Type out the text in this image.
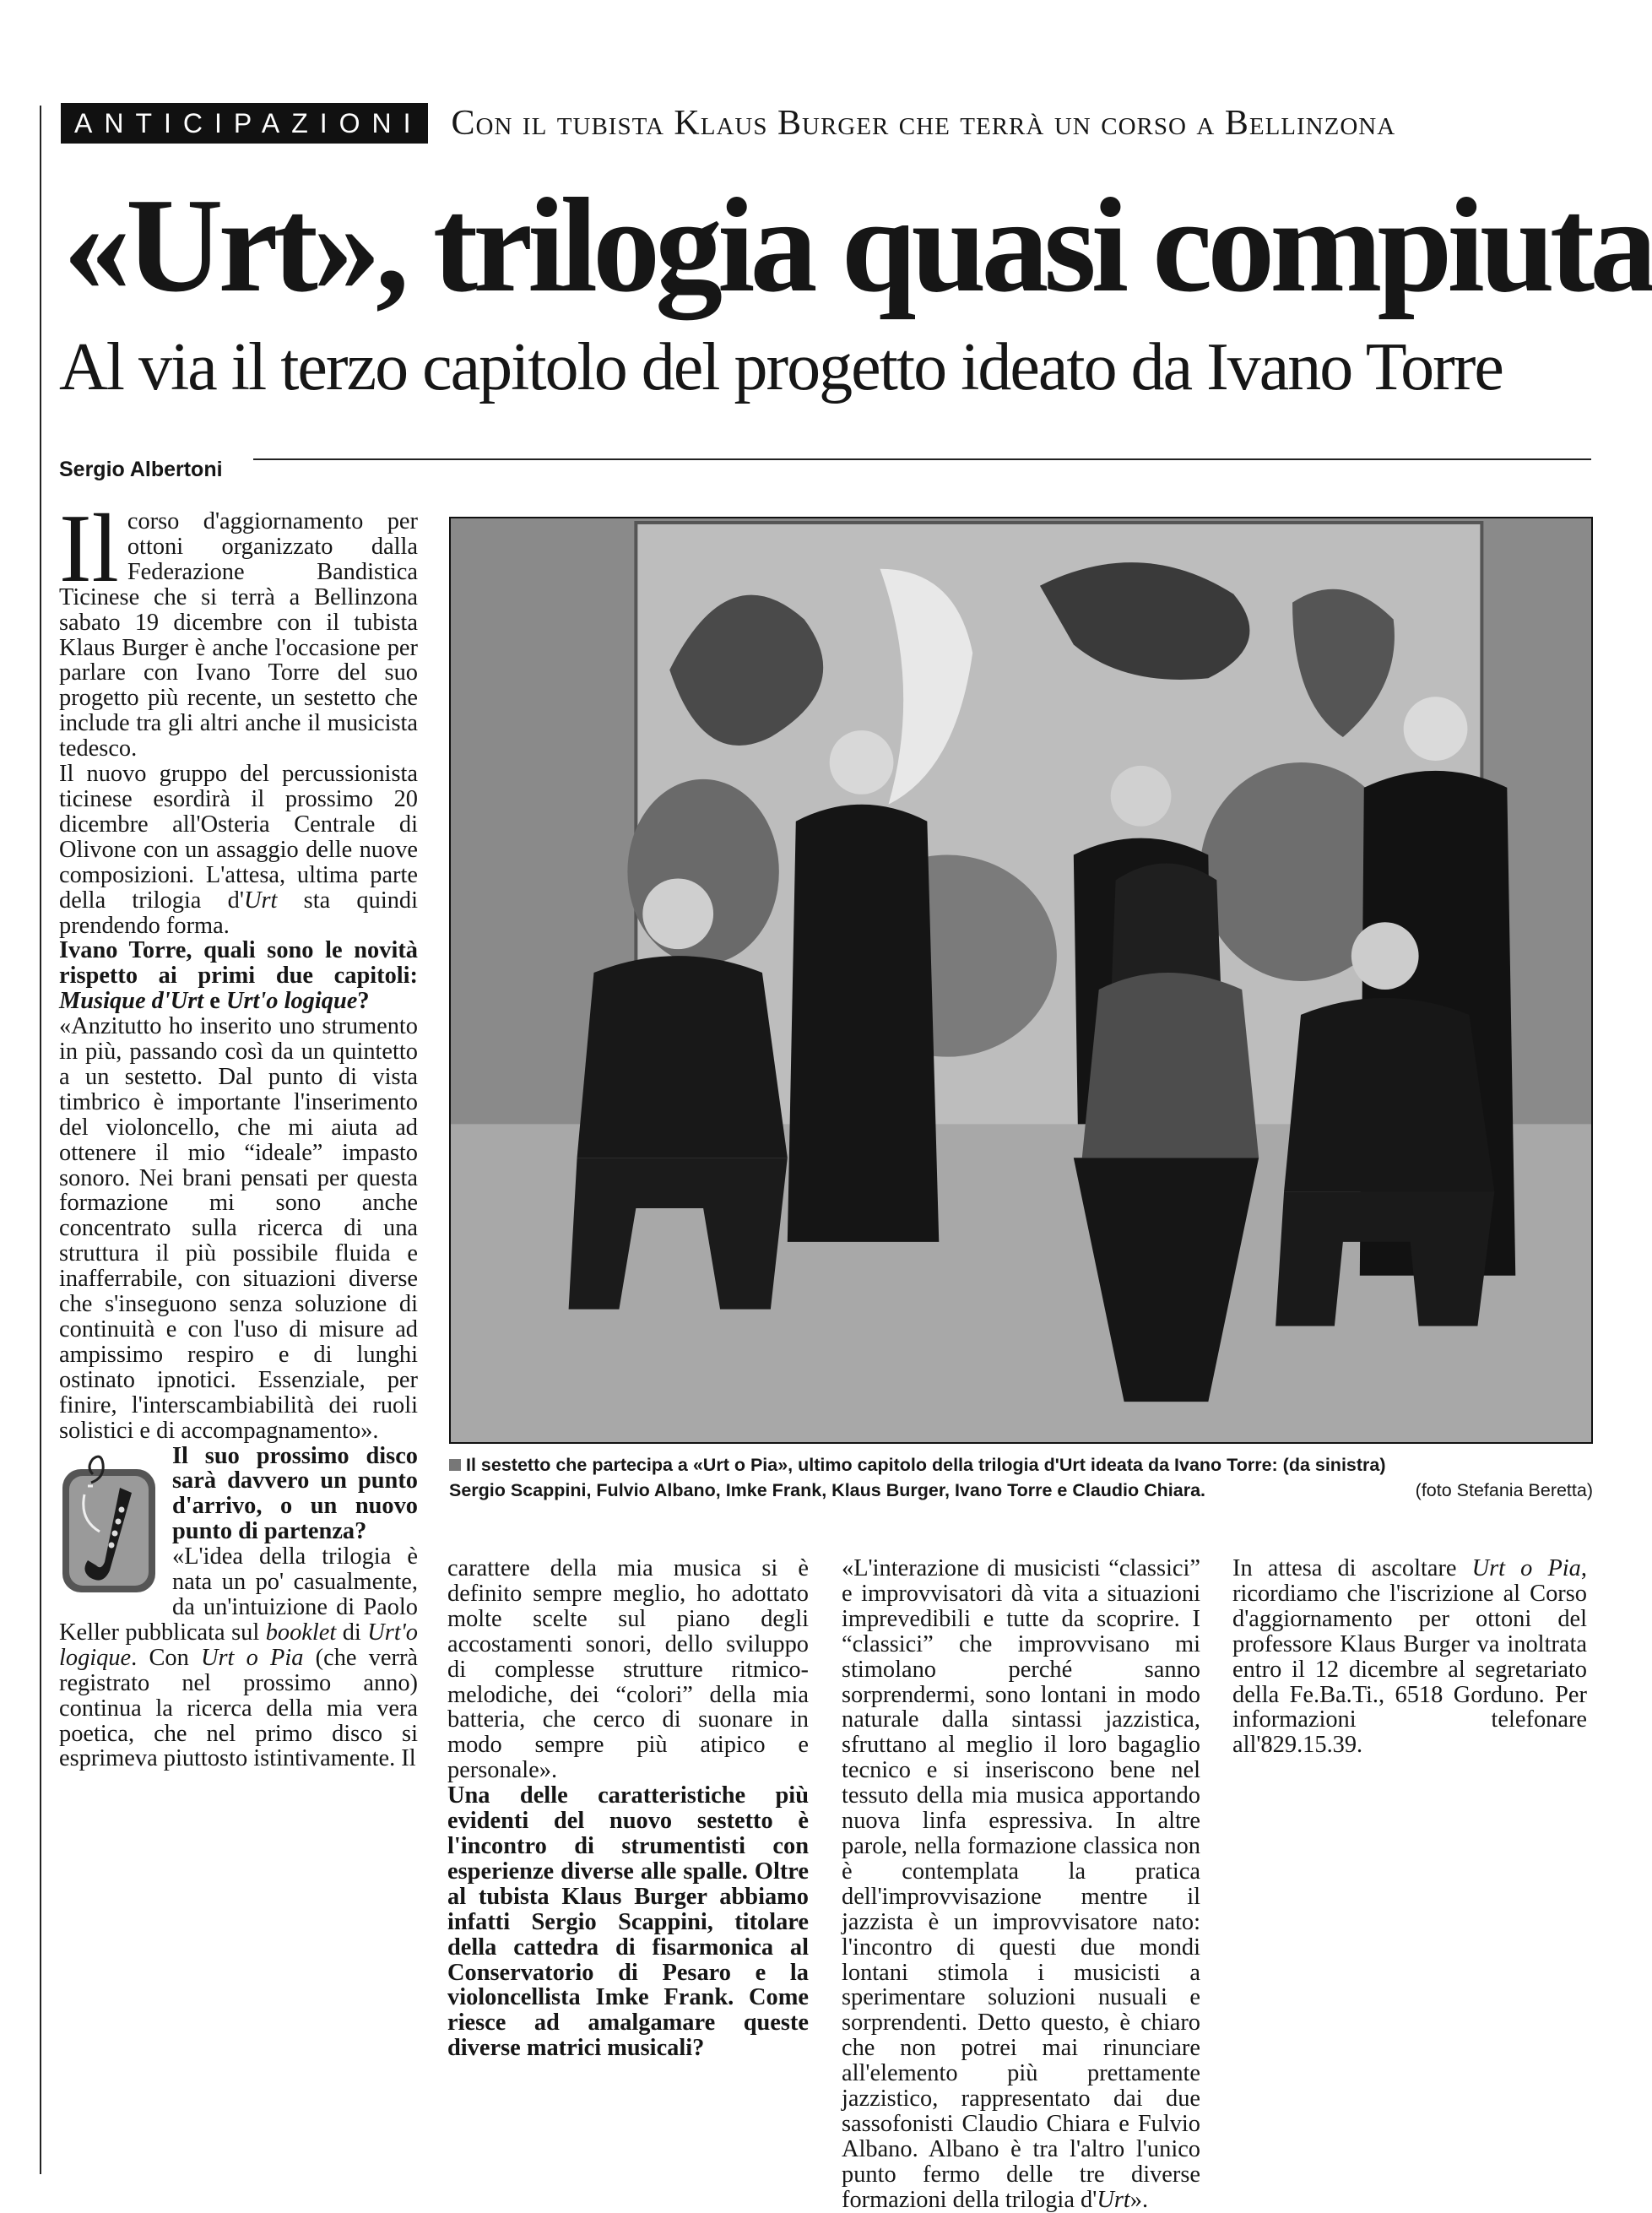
ANTICIPAZIONI Con il tubista Klaus Burger che terrà un corso a Bellinzona
«Urt», trilogia quasi compiuta
Al via il terzo capitolo del progetto ideato da Ivano Torre
Sergio Albertoni

Il corso d'aggiornamento per ottoni organizzato dalla Federazione Bandistica Ticinese che si terrà a Bellinzona sabato 19 dicembre con il tubista Klaus Burger è anche l'occasione per parlare con Ivano Torre del suo progetto più recente, un sestetto che include tra gli altri anche il musicista tedesco.

Il nuovo gruppo del percussionista ticinese esordirà il prossimo 20 dicembre all'Osteria Centrale di Olivone con un assaggio delle nuove composizioni. L'attesa, ultima parte della trilogia d'Urt sta quindi prendendo forma.

Ivano Torre, quali sono le novità rispetto ai primi due capitoli: Musique d'Urt e Urt'o logique?

«Anzitutto ho inserito uno strumento in più, passando così da un quintetto a un sestetto. Dal punto di vista timbrico è importante l'inserimento del violoncello, che mi aiuta ad ottenere il mio “ideale” impasto sonoro. Nei brani pensati per questa formazione mi sono anche concentrato sulla ricerca di una struttura il più possibile fluida e inafferrabile, con situazioni diverse che s'inseguono senza soluzione di continuità e con l'uso di misure ad ampissimo respiro e di lunghi ostinato ipnotici. Essenziale, per finire, l'interscambiabilità dei ruoli solistici e di accompagnamento».

Il suo prossimo disco sarà davvero un punto d'arrivo, o un nuovo punto di partenza?

«L'idea della trilogia è nata un po' casualmente, da un'intuizione di Paolo Keller pubblicata sul booklet di Urt'o logique. Con Urt o Pia (che verrà registrato nel prossimo anno) continua la ricerca della mia vera poetica, che nel primo disco si esprimeva piuttosto istintivamente. Il

Il sestetto che partecipa a «Urt o Pia», ultimo capitolo della trilogia d'Urt ideata da Ivano Torre: (da sinistra)
Sergio Scappini, Fulvio Albano, Imke Frank, Klaus Burger, Ivano Torre e Claudio Chiara.	(foto Stefania Beretta)

carattere della mia musica si è definito sempre meglio, ho adottato molte scelte sul piano degli accostamenti sonori, dello sviluppo di complesse strutture ritmico-melodiche, dei “colori” della mia batteria, che cerco di suonare in modo sempre più atipico e personale».

Una delle caratteristiche più evidenti del nuovo sestetto è l'incontro di strumentisti con esperienze diverse alle spalle. Oltre al tubista Klaus Burger abbiamo infatti Sergio Scappini, titolare della cattedra di fisarmonica al Conservatorio di Pesaro e la violoncellista Imke Frank. Come riesce ad amalgamare queste diverse matrici musicali?

«L'interazione di musicisti “classici” e improvvisatori dà vita a situazioni imprevedibili e tutte da scoprire. I “classici” che improvvisano mi stimolano perché sanno sorprendermi, sono lontani in modo naturale dalla sintassi jazzistica, sfruttano al meglio il loro bagaglio tecnico e si inseriscono bene nel tessuto della mia musica apportando nuova linfa espressiva. In altre parole, nella formazione classica non è contemplata la pratica dell'improvvisazione mentre il jazzista è un improvvisatore nato: l'incontro di questi due mondi lontani stimola i musicisti a sperimentare soluzioni nusuali e sorprendenti. Detto questo, è chiaro che non potrei mai rinunciare all'elemento più prettamente jazzistico, rappresentato dai due sassofonisti Claudio Chiara e Fulvio Albano. Albano è tra l'altro l'unico punto fermo delle tre diverse formazioni della trilogia d'Urt».

In attesa di ascoltare Urt o Pia, ricordiamo che l'iscrizione al Corso d'aggiornamento per ottoni del professore Klaus Burger va inoltrata entro il 12 dicembre al segretariato della Fe.Ba.Ti., 6518 Gorduno. Per informazioni telefonare all'829.15.39.
